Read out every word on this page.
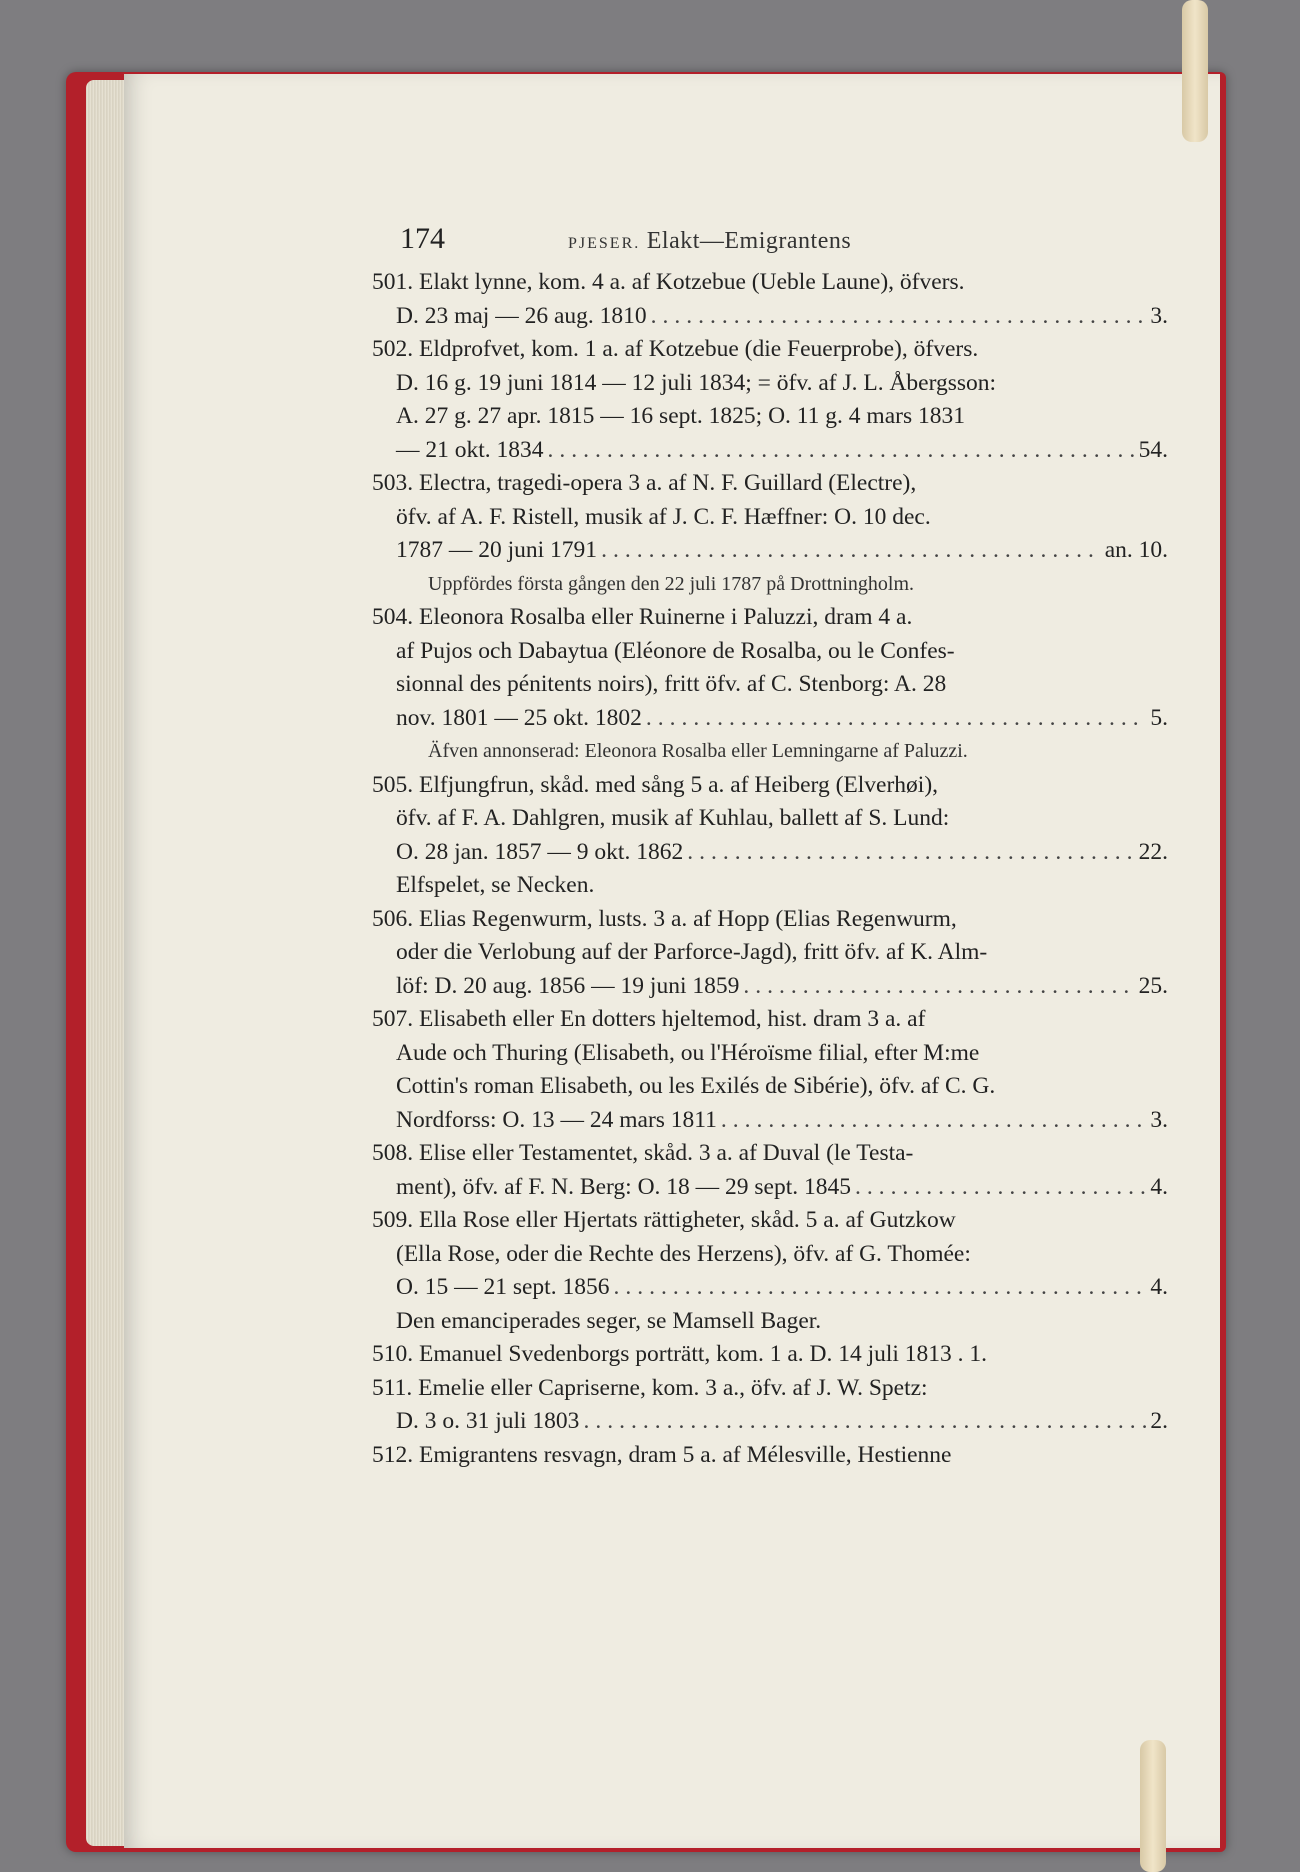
174	PJESER. Elakt—Emigrantens
501. Elakt lynne, kom. 4 a. af Kotzebue (Ueble Laune), öfvers.
D. 23 maj — 26 aug. 1810 .....	3.
502. Eldprofvet, kom. 1 a. af Kotzebue (die Feuerprobe), öfvers.
D. 16 g. 19 juni 1814 — 12 juli 1834; = öfv. af J. L. Åbergsson:
A. 27 g. 27 apr. 1815 — 16 sept. 1825; O. 11 g. 4 mars 1831
— 21 okt. 1834 .....	54.
503. Electra, tragedi-opera 3 a. af N. F. Guillard (Electre),
öfv. af A. F. Ristell, musik af J. C. F. Hæffner: O. 10 dec.
1787 — 20 juni 1791 .....	an. 10.
Uppfördes första gången den 22 juli 1787 på Drottningholm.
504. Eleonora Rosalba eller Ruinerne i Paluzzi, dram 4 a.
af Pujos och Dabaytua (Eléonore de Rosalba, ou le Confes-
sionnal des pénitents noirs), fritt öfv. af C. Stenborg: A. 28
nov. 1801 — 25 okt. 1802 .....	5.
Äfven annonserad: Eleonora Rosalba eller Lemningarne af Paluzzi.
505. Elfjungfrun, skåd. med sång 5 a. af Heiberg (Elverhøi),
öfv. af F. A. Dahlgren, musik af Kuhlau, ballett af S. Lund:
O. 28 jan. 1857 — 9 okt. 1862 .....	22.
Elfspelet, se Necken.
506. Elias Regenwurm, lusts. 3 a. af Hopp (Elias Regenwurm,
oder die Verlobung auf der Parforce-Jagd), fritt öfv. af K. Alm-
löf: D. 20 aug. 1856 — 19 juni 1859 .....	25.
507. Elisabeth eller En dotters hjeltemod, hist. dram 3 a. af
Aude och Thuring (Elisabeth, ou l'Héroïsme filial, efter M:me
Cottin's roman Elisabeth, ou les Exilés de Sibérie), öfv. af C. G.
Nordforss: O. 13 — 24 mars 1811 .....	3.
508. Elise eller Testamentet, skåd. 3 a. af Duval (le Testa-
ment), öfv. af F. N. Berg: O. 18 — 29 sept. 1845 .....	4.
509. Ella Rose eller Hjertats rättigheter, skåd. 5 a. af Gutzkow
(Ella Rose, oder die Rechte des Herzens), öfv. af G. Thomée:
O. 15 — 21 sept. 1856 .....	4.
Den emanciperades seger, se Mamsell Bager.
510. Emanuel Svedenborgs porträtt, kom. 1 a. D. 14 juli 1813 . 1.
511. Emelie eller Capriserne, kom. 3 a., öfv. af J. W. Spetz:
D. 3 o. 31 juli 1803 .....	2.
512. Emigrantens resvagn, dram 5 a. af Mélesville, Hestienne
